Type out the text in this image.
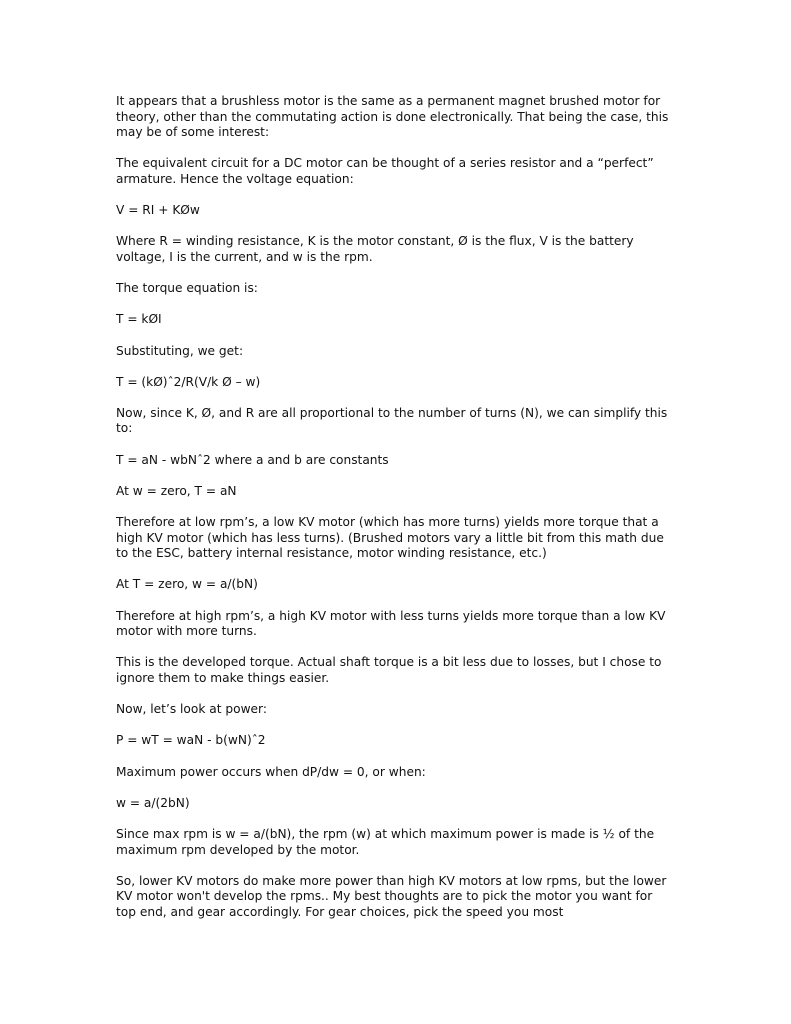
It appears that a brushless motor is the same as a permanent magnet brushed motor for theory, other than the commutating action is done electronically. That being the case, this may be of some interest:

The equivalent circuit for a DC motor can be thought of a series resistor and a “perfect” armature. Hence the voltage equation:

V = RI + KØw

Where R = winding resistance, K is the motor constant, Ø is the flux, V is the battery voltage, I is the current, and w is the rpm.

The torque equation is:

T = kØI

Substituting, we get:

T = (kØ)ˆ2/R(V/k Ø – w)

Now, since K, Ø, and R are all proportional to the number of turns (N), we can simplify this to:

T = aN - wbNˆ2 where a and b are constants

At w = zero, T = aN

Therefore at low rpm’s, a low KV motor (which has more turns) yields more torque that a high KV motor (which has less turns). (Brushed motors vary a little bit from this math due to the ESC, battery internal resistance, motor winding resistance, etc.)

At T = zero, w = a/(bN)

Therefore at high rpm’s, a high KV motor with less turns yields more torque than a low KV motor with more turns.

This is the developed torque. Actual shaft torque is a bit less due to losses, but I chose to ignore them to make things easier.

Now, let’s look at power:

P = wT = waN - b(wN)ˆ2

Maximum power occurs when dP/dw = 0, or when:

w = a/(2bN)

Since max rpm is w = a/(bN), the rpm (w) at which maximum power is made is ½ of the maximum rpm developed by the motor.

So, lower KV motors do make more power than high KV motors at low rpms, but the lower KV motor won't develop the rpms.. My best thoughts are to pick the motor you want for top end, and gear accordingly. For gear choices, pick the speed you most
